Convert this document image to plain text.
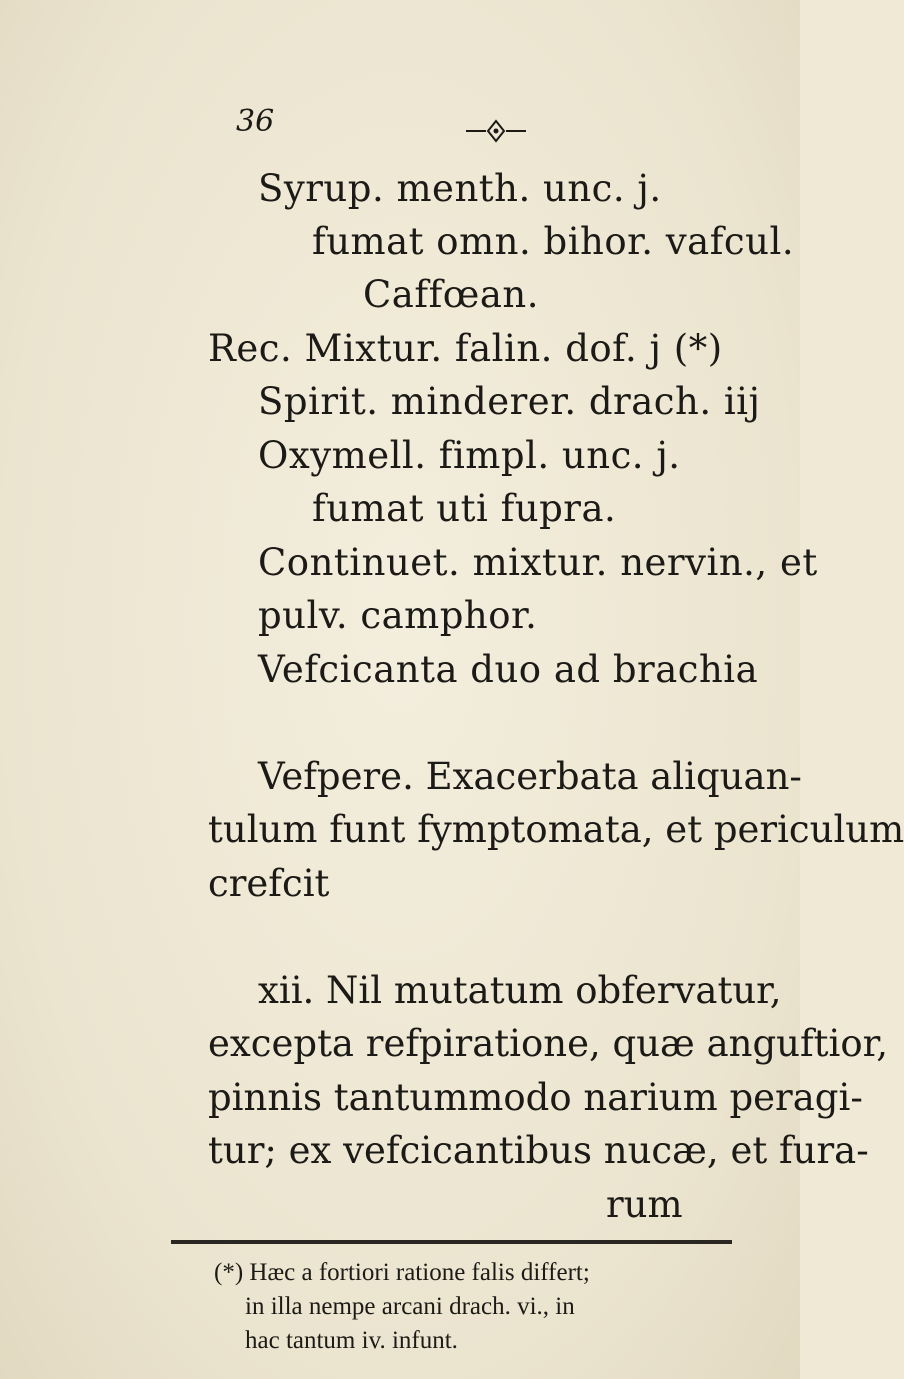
36
Syrup. menth. unc. j.
fumat omn. bihor. vafcul.
Caffœan.
Rec. Mixtur. falin. dof. j (*)
Spirit. minderer. drach. iij
Oxymell. fimpl. unc. j.
fumat uti fupra.
Continuet. mixtur. nervin., et
pulv. camphor.
Vefcicanta duo ad brachia
Vefpere. Exacerbata aliquan-
tulum funt fymptomata, et periculum
crefcit
xii. Nil mutatum obfervatur,
excepta refpiratione, quæ anguftior,
pinnis tantummodo narium peragi-
tur; ex vefcicantibus nucæ, et fura-
rum
(*) Hæc a fortiori ratione falis differt;
in illa nempe arcani drach. vi., in
hac tantum iv. infunt.
